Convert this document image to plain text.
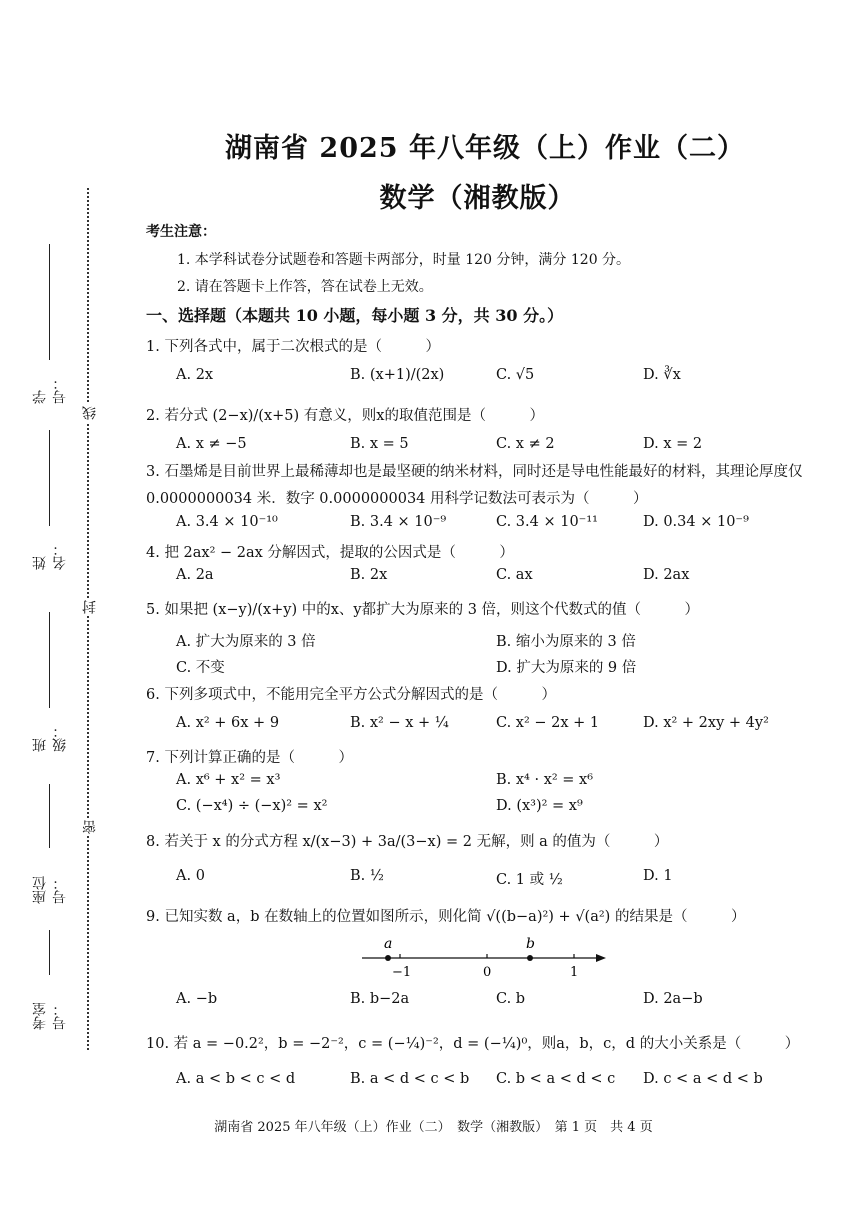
湖南省 2025 年八年级（上）作业（二）
数学（湘教版）
线
封
密
学号：
姓名：
班级：
座位号：
考室号：
考生注意：
1. 本学科试卷分试题卷和答题卡两部分，时量 120 分钟，满分 120 分。
2. 请在答题卡上作答，答在试卷上无效。
一、选择题（本题共 10 小题，每小题 3 分，共 30 分。）
1. 下列各式中，属于二次根式的是（　　　）
A. 2x	B. (x+1)/(2x)	C. √5	D. ∛x
2. 若分式 (2−x)/(x+5) 有意义，则x的取值范围是（　　　）
A. x ≠ −5	B. x = 5	C. x ≠ 2	D. x = 2
3. 石墨烯是目前世界上最稀薄却也是最坚硬的纳米材料，同时还是导电性能最好的材料，其理论厚度仅
0.0000000034 米．数字 0.0000000034 用科学记数法可表示为（　　　）
A. 3.4 × 10⁻¹⁰	B. 3.4 × 10⁻⁹	C. 3.4 × 10⁻¹¹	D. 0.34 × 10⁻⁹
4. 把 2ax² − 2ax 分解因式，提取的公因式是（　　　）
A. 2a	B. 2x	C. ax	D. 2ax
5. 如果把 (x−y)/(x+y) 中的x、y都扩大为原来的 3 倍，则这个代数式的值（　　　）
A. 扩大为原来的 3 倍	B. 缩小为原来的 3 倍
C. 不变	D. 扩大为原来的 9 倍
6. 下列多项式中，不能用完全平方公式分解因式的是（　　　）
A. x² + 6x + 9	B. x² − x + ¼	C. x² − 2x + 1	D. x² + 2xy + 4y²
7. 下列计算正确的是（　　　）
A. x⁶ + x² = x³	B. x⁴ · x² = x⁶
C. (−x⁴) ÷ (−x)² = x²	D. (x³)² = x⁹
8. 若关于 x 的分式方程 x/(x−3) + 3a/(3−x) = 2 无解，则 a 的值为（　　　）
A. 0	B. ½	C. 1 或 ½	D. 1
9. 已知实数 a，b 在数轴上的位置如图所示，则化简 √((b−a)²) + √(a²) 的结果是（　　　）
a	b
−1	0	1
A. −b	B. b−2a	C. b	D. 2a−b
10. 若 a = −0.2²，b = −2⁻²，c = (−¼)⁻²，d = (−¼)⁰，则a，b，c，d 的大小关系是（　　　）
A. a < b < c < d	B. a < d < c < b C. b < a < d < c D. c < a < d < b
湖南省 2025 年八年级（上）作业（二）　数学（湘教版）　第 1 页　共 4 页
